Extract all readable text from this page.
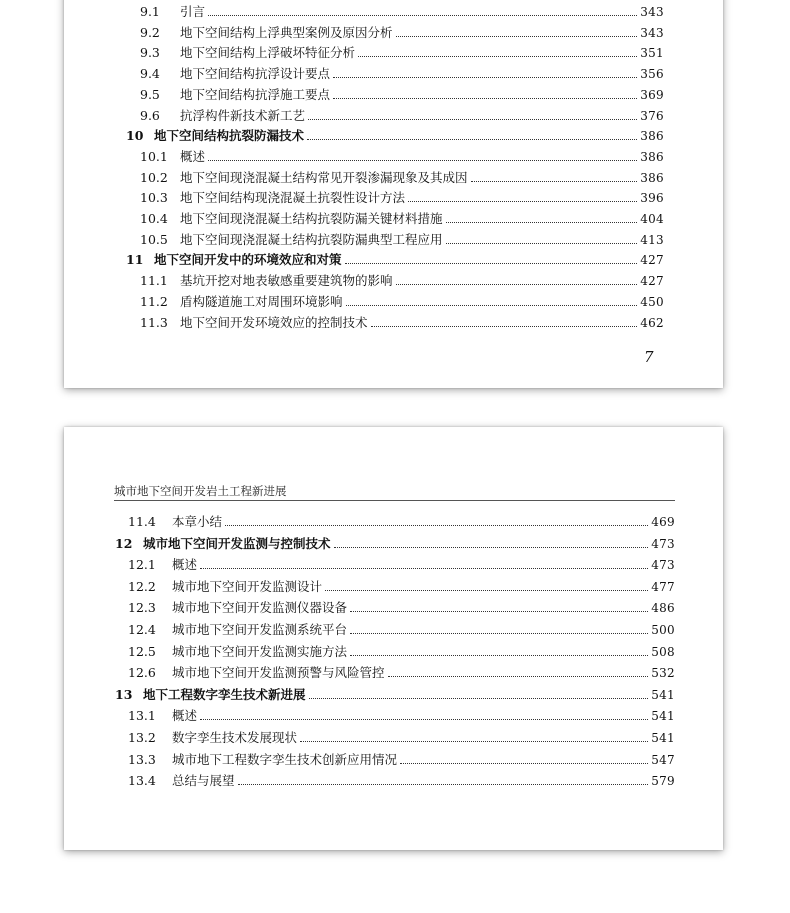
9.1	引言	343
9.2	地下空间结构上浮典型案例及原因分析	343
9.3	地下空间结构上浮破坏特征分析	351
9.4	地下空间结构抗浮设计要点	356
9.5	地下空间结构抗浮施工要点	369
9.6	抗浮构件新技术新工艺	376
10 地下空间结构抗裂防漏技术	386
10.1 概述	386
10.2 地下空间现浇混凝土结构常见开裂渗漏现象及其成因	386
10.3 地下空间结构现浇混凝土抗裂性设计方法	396
10.4 地下空间现浇混凝土结构抗裂防漏关键材料措施	404
10.5 地下空间现浇混凝土结构抗裂防漏典型工程应用	413
11 地下空间开发中的环境效应和对策	427
11.1 基坑开挖对地表敏感重要建筑物的影响	427
11.2 盾构隧道施工对周围环境影响	450
11.3 地下空间开发环境效应的控制技术	462
7
城市地下空间开发岩土工程新进展
11.4	本章小结	469
12 城市地下空间开发监测与控制技术	473
12.1	概述	473
12.2	城市地下空间开发监测设计	477
12.3	城市地下空间开发监测仪器设备	486
12.4	城市地下空间开发监测系统平台	500
12.5	城市地下空间开发监测实施方法	508
12.6	城市地下空间开发监测预警与风险管控	532
13 地下工程数字孪生技术新进展	541
13.1	概述	541
13.2	数字孪生技术发展现状	541
13.3	城市地下工程数字孪生技术创新应用情况	547
13.4	总结与展望	579
